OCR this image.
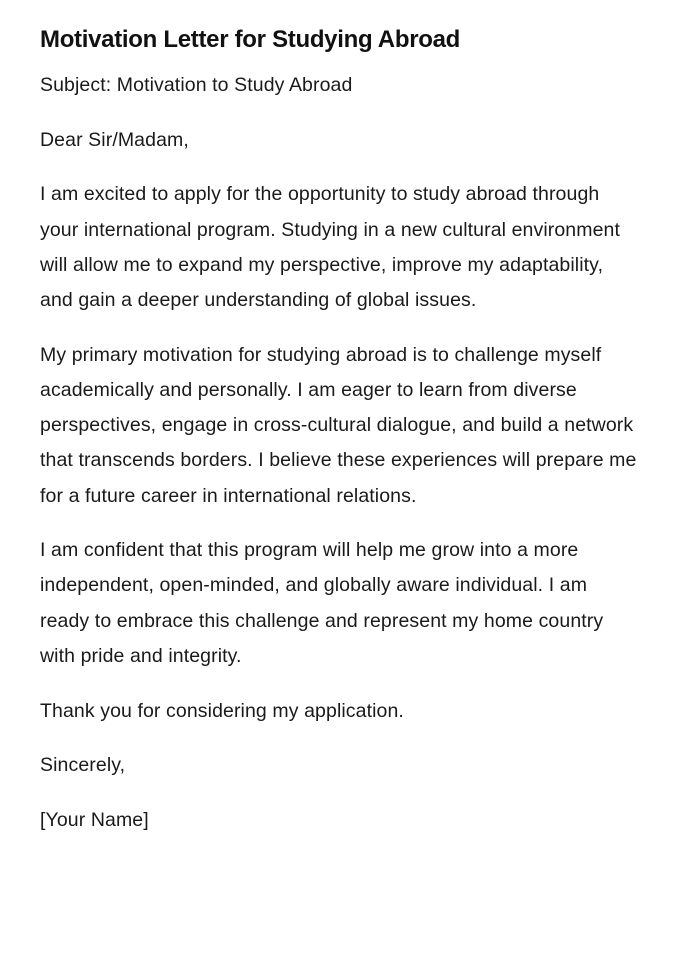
Motivation Letter for Studying Abroad

Subject: Motivation to Study Abroad

Dear Sir/Madam,

I am excited to apply for the opportunity to study abroad through your international program. Studying in a new cultural environment will allow me to expand my perspective, improve my adaptability, and gain a deeper understanding of global issues.

My primary motivation for studying abroad is to challenge myself academically and personally. I am eager to learn from diverse perspectives, engage in cross-cultural dialogue, and build a network that transcends borders. I believe these experiences will prepare me for a future career in international relations.

I am confident that this program will help me grow into a more independent, open-minded, and globally aware individual. I am ready to embrace this challenge and represent my home country with pride and integrity.

Thank you for considering my application.

Sincerely,

[Your Name]
